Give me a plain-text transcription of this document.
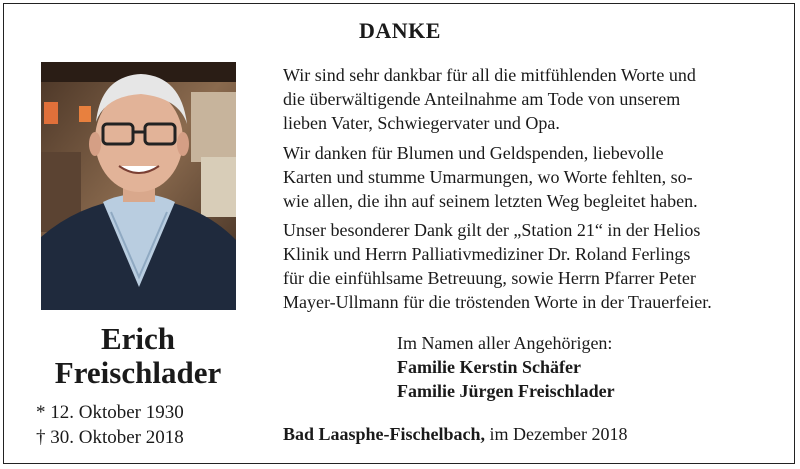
DANKE
Erich
Freischlader
* 12. Oktober 1930
† 30. Oktober 2018
Wir sind sehr dankbar für all die mitfühlenden Worte und
die überwältigende Anteilnahme am Tode von unserem
lieben Vater, Schwiegervater und Opa.
Wir danken für Blumen und Geldspenden, liebevolle
Karten und stumme Umarmungen, wo Worte fehlten, so-
wie allen, die ihn auf seinem letzten Weg begleitet haben.
Unser besonderer Dank gilt der „Station 21“ in der Helios
Klinik und Herrn Palliativmediziner Dr. Roland Ferlings
für die einfühlsame Betreuung, sowie Herrn Pfarrer Peter
Mayer-Ullmann für die tröstenden Worte in der Trauerfeier.
Im Namen aller Angehörigen:
Familie Kerstin Schäfer
Familie Jürgen Freischlader
Bad Laasphe-Fischelbach, im Dezember 2018
